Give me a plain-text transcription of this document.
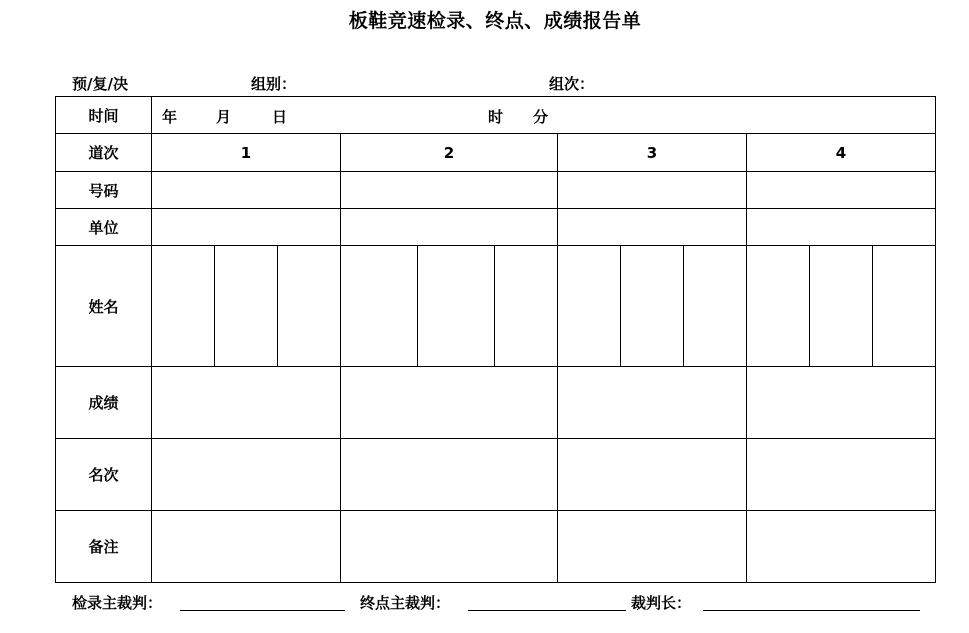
板鞋竞速检录、终点、成绩报告单
预/复/决	组别：	组次：
时间	年 月 日 时 分			

道次	1	2	3	4
号码				
单位				
姓名	

成绩				
名次				
备注				
检录主裁判：	终点主裁判：	裁判长：
